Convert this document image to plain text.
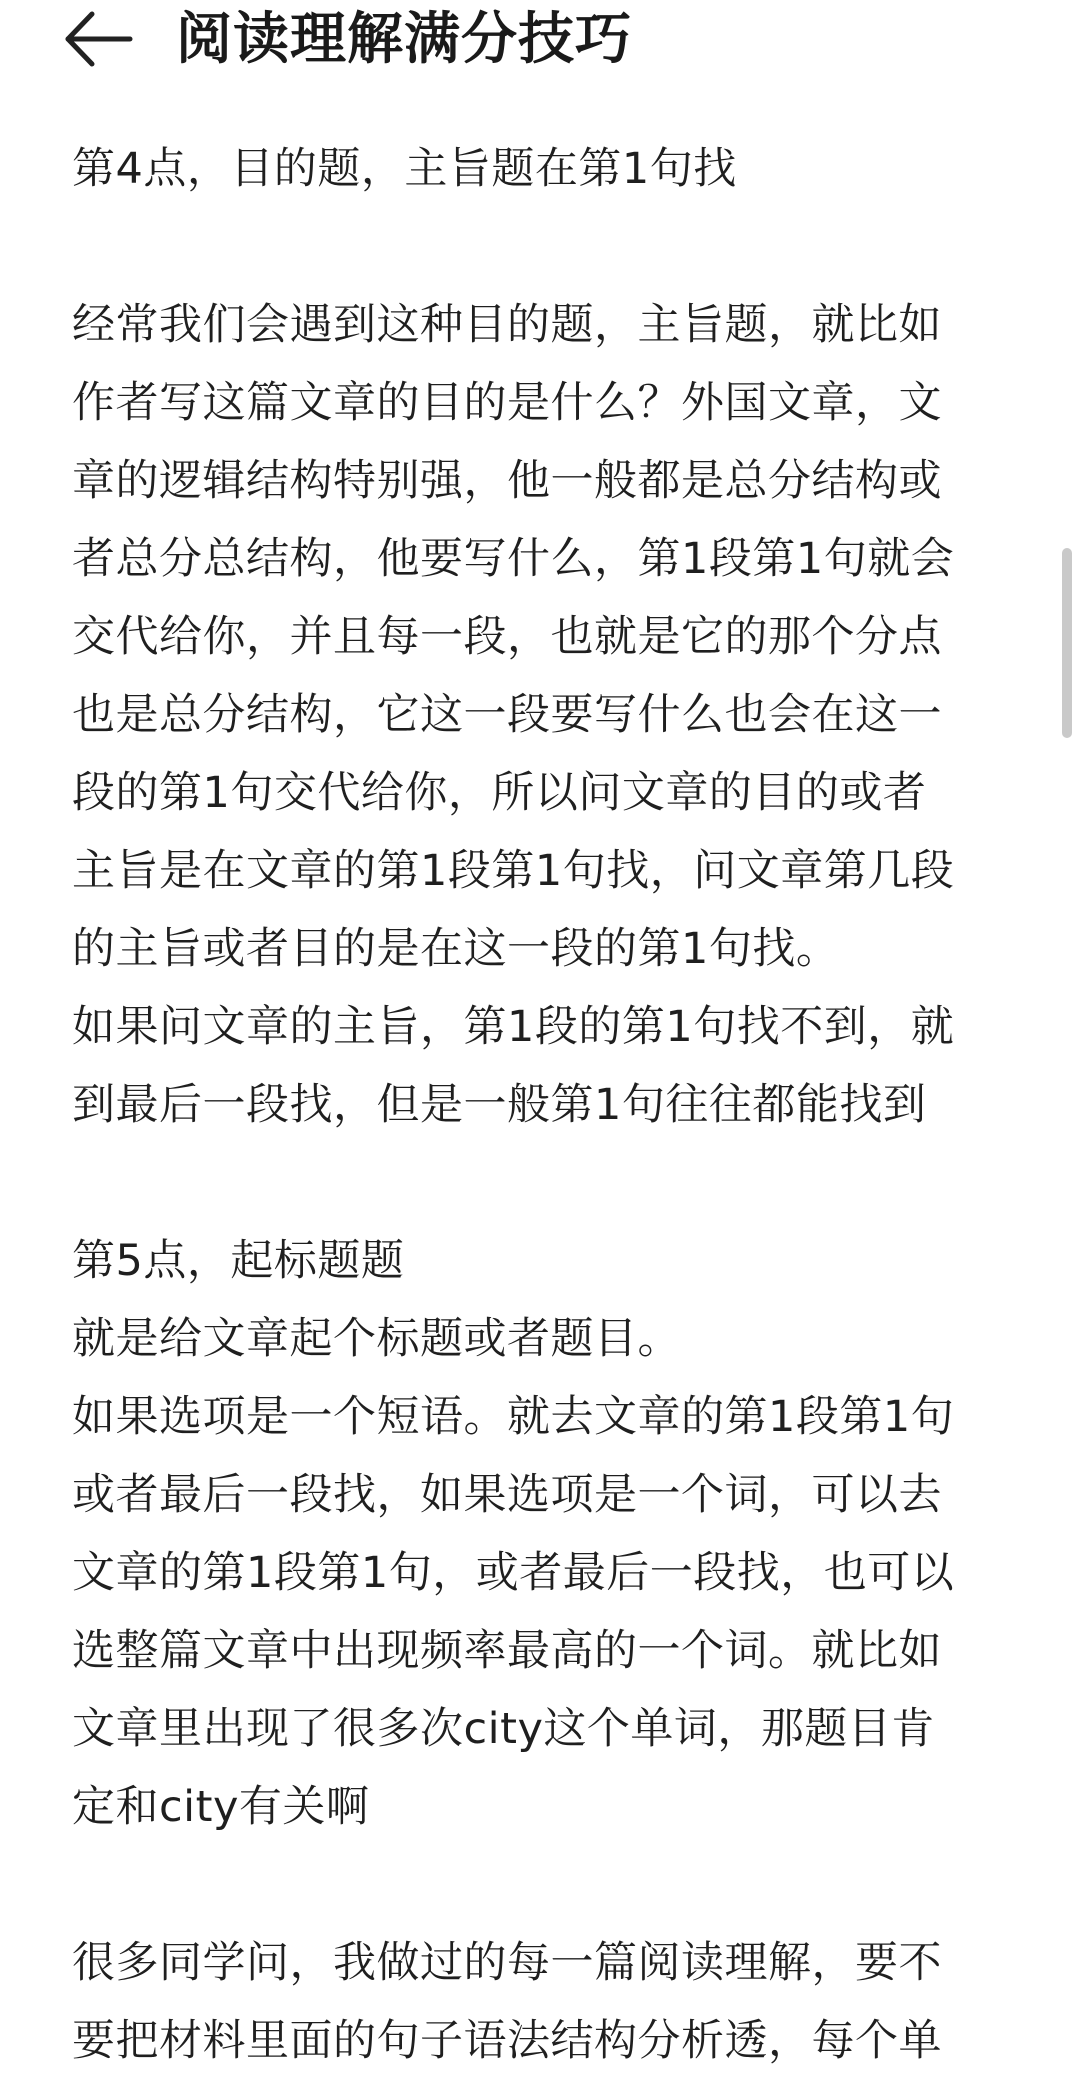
阅读理解满分技巧
第4点，目的题，主旨题在第1句找
经常我们会遇到这种目的题，主旨题，就比如
作者写这篇文章的目的是什么？外国文章，文
章的逻辑结构特别强，他一般都是总分结构或
者总分总结构，他要写什么，第1段第1句就会
交代给你，并且每一段，也就是它的那个分点
也是总分结构，它这一段要写什么也会在这一
段的第1句交代给你，所以问文章的目的或者
主旨是在文章的第1段第1句找，问文章第几段
的主旨或者目的是在这一段的第1句找。
如果问文章的主旨，第1段的第1句找不到，就
到最后一段找，但是一般第1句往往都能找到
第5点，起标题题
就是给文章起个标题或者题目。
如果选项是一个短语。就去文章的第1段第1句
或者最后一段找，如果选项是一个词，可以去
文章的第1段第1句，或者最后一段找，也可以
选整篇文章中出现频率最高的一个词。就比如
文章里出现了很多次city这个单词，那题目肯
定和city有关啊
很多同学问，我做过的每一篇阅读理解，要不
要把材料里面的句子语法结构分析透，每个单
